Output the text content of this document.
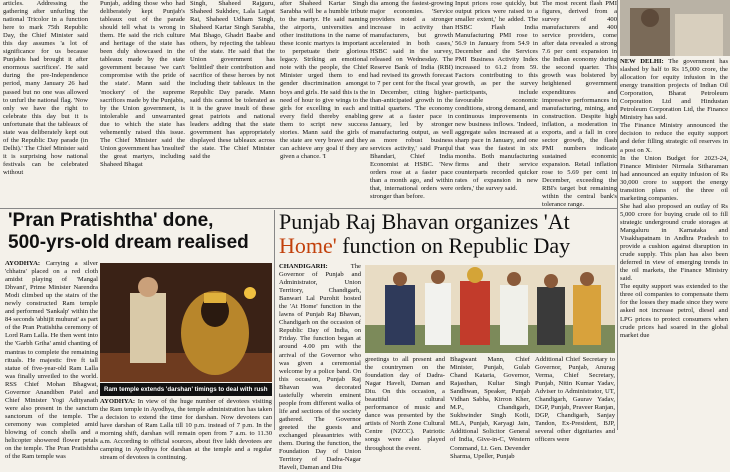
articles. Addressing the gathering after unfurling the national Tricolor in a function here to mark 75th Republic Day, the Chief Minister said this day assumes 'a lot of significance for us because Punjabis had brought it after enormous sacrifices'. He said during the pre-Independence period, many January 26 had passed but no one was allowed to unfurl the national flag. 'Now only we have the right to celebrate this day but it is unfortunate that the tableaux of state was deliberately kept out of the Republic Day parade (in Delhi).' The Chief Minister said it is surprising how national festivals can be celebrated without
Punjab, adding those who had deliberately kept Punjab's tableaux out of the parade should tell what is wrong in them. He said the rich culture and heritage of the state has been duly showcased in the tableaux made by the state government because 'we can't compromise with the pride of the state'. Mann said the 'mockery' of the supreme sacrifices made by the Punjabis, by the Union government, is intolerable and unwarranted due to which the state has vehemently raised this issue. The Chief Minister said the Union government has 'insulted' the great martyrs, including Shaheed Bhagat
Singh, Shaheed Rajguru, Shaheed Sukhdev, Lala Lajpat Rai, Shaheed Udham Singh, Shaheed Kartar Singh Sarabha, Mai Bhago, Ghadri Baabe and others, by rejecting the tableau of the state. He said that the Union government has 'belittled' their contribution and sacrifice of these heroes by not including their tableaux in the Republic Day parade. Mann said this cannot be tolerated as it is the grave insult of these great patriots and national leaders adding that the state government has appropriately displayed these tableaux across the state. The Chief Minister said the
after Shaheed Kartar Singh Sarabha will be a humble tribute to the martyr. He said naming the airports, universities and other institutions in the name of these iconic martyrs is important to perpetuate their glorious legacy. Striking an emotional note with the people, the Chief Minister urged them to end gender discrimination amongst boys and girls. He said this is the need of hour to give wings to the girls for excelling in each and every field thereby enabling them to script new success stories. Mann said the girls of the state are very brave and they can achieve any goal if they are given a chance. 'I
dia among the fastest-growing major economies. 'Service providers noted a stronger increase in activity than manufacturers, but growth accelerated in both cases,' HSBC said in the survey, released on Wednesday. The Reserve Bank of India (RBI) had revised its growth forecast to 7 per cent for the fiscal year in December, citing higher-than-anticipated growth in the initial quarters. 'The economy grew at a faster pace in January, led by stronger manufacturing output, as well as more robust business services activity,' said Pranjul Bhandari, Chief India Economist at HSBC. 'New orders rose at a faster pace than a month ago, and within that, international orders were stronger than before.
Input prices rose quickly, but output prices were raised to a smaller extent,' he added. The HSBC Flash India Manufacturing PMI rose to 56.9 in January from 54.9 in December and the Services PMI Business Activity Index increased to 61.2 from 59. Factors contributing to this growth, as per the survey participants, include favourable economic conditions, strong demand, and continuous improvements in new business inflows. 'Indeed, aggregate sales increased at a sharp pace in January, and one that was the fastest in six months. Both manufacturing firms and their service counterparts recorded quicker rates of expansion in new orders,' the survey said.
The most recent flash PMI figures, derived from a survey of 400 manufacturers and 400 service providers, come after data revealed a strong 7.6 per cent expansion in the Indian economy during the second quarter. This growth was bolstered by heightened government expenditures and impressive performances in manufacturing, mining, and construction. Despite high inflation, a moderation in exports, and a fall in core sector growth, the flash PMI numbers indicate sustained economic expansion. Retail inflation rose to 5.69 per cent in December, exceeding the RBI's target but remaining within the central bank's tolerance range.
NEW DELHI: The government has slashed by half to Rs 15,000 crore, the allocation for equity infusion in the energy transition projects of Indian Oil Corporation, Bharat Petroleum Corporation Ltd and Hindustan Petroleum Corporation Ltd, the Finance Ministry has said.
The Finance Ministry announced the decision to reduce the equity support and defer filling strategic oil reserves in a post on X.
In the Union Budget for 2023-24, Finance Minister Nirmala Sitharaman had announced an equity infusion of Rs 30,000 crore to support the energy transition plans of the three oil marketing companies.
She had also proposed an outlay of Rs 5,000 crore for buying crude oil to fill strategic underground crude storages at Mangaluru in Karnataka and Visakhapatnam in Andhra Pradesh to provide a cushion against disruption in crude supply. This plan has also been deferred in view of emerging trends in the oil markets, the Finance Ministry said.
The equity support was extended to the three oil companies to compensate them for the losses they made since they were asked not increase petrol, diesel and LPG prices to protect consumers when crude prices had soared in the global market due
'Pran Pratishtha' done,
500-yrs-old dream realised
AYODHYA: Carrying a silver 'chhatra' placed on a red cloth amidst playing of 'Mangal Dhvani', Prime Minister Narendra Modi climbed up the stairs of the newly constructed Ram temple and performed 'Sankalp' within the 84 seconds 'abhijit muhurat' as part of the Pran Pratishtha ceremony of Lord Ram Lalla. He then went into the 'Garbh Griha' amid chanting of mantras to complete the remaining rituals. He majestic five ft tall statue of five-year-old Ram Lalla was finally unveiled to the world. RSS Chief Mohan Bhagwat, Governor Anandiben Patel and Chief Minister Yogi Adityanath were also present in the sanctum sanctorum of the temple. The ceremony was completed amid blowing of conch shells and a helicopter showered flower petals on the temple. The Pran Pratishtha of the Ram temple was
Ram temple extends 'darshan' timings to deal with rush
AYODHYA: In view of the huge number of devotees visiting the Ram temple in Ayodhya, the temple administration has taken a decision to extend the time for darshan. Now devotees can have darshan of Ram Lalla till 10 p.m. instead of 7 p.m. In the morning shift, darshan will remain open from 7 a.m. to 11.30 a.m. According to official sources, about five lakh devotees are camping in Ayodhya for darshan at the temple and a regular stream of devotees is continuing.
Punjab Raj Bhavan organizes 'At Home' function on Republic Day
CHANDIGARH:	The Governor of Punjab and Administrator, Union Territory, Chandigarh, Banwari Lal Purohit hosted the 'At Home' function in the lawns of Punjab Raj Bhavan, Chandigarh on the occasion of Republic Day of India, on Friday. The function began at around 4.00 pm with the arrival of the Governor who was given a ceremonial welcome by a police band. On this occasion, Punjab Raj Bhavan was decorated tastefully wherein eminent people from different walks of life and sections of the society gathered. The Governor greeted the guests and exchanged pleasantries with them. During the function, the Foundation Day of Union Territory of Dadra-Nagar Haveli, Daman and Diu
greetings to all present and the countrymen on the foundation day of Dadra-Nagar Haveli, Daman and Diu. On this occasion, a beautiful cultural performance of music and dance was presented by the artists of North Zone Cultural Centre (NZCC). Patriotic songs were also played throughout the event.
Bhagwant Mann, Chief Minister, Punjab, Gulab Chand Kataria, Governor, Rajasthan, Kultar Singh Sandhwan, Speaker, Punjab Vidhan Sabha, Kirron Kher, M.P., Chandigarh, Sukhwinder Singh Kotli, MLA, Punjab, Karyagi Jain, Additional Solicitor General of India, Give-in-C, Western Command, Lt. Gen. Devender Sharma, Upeller, Punjab
Additional Chief Secretary to Governor, Punjab, Anurag Verma, Chief Secretary, Punjab, Nitin Kumar Yadav, Adviser to Administrator, UT, Chandigarh, Gaurav Yadav, DGP, Punjab, Praveer Ranjan, DGP, Chandigarh, Sanjay Tandon, Ex-President, BJP, several other dignitaries and officers were
